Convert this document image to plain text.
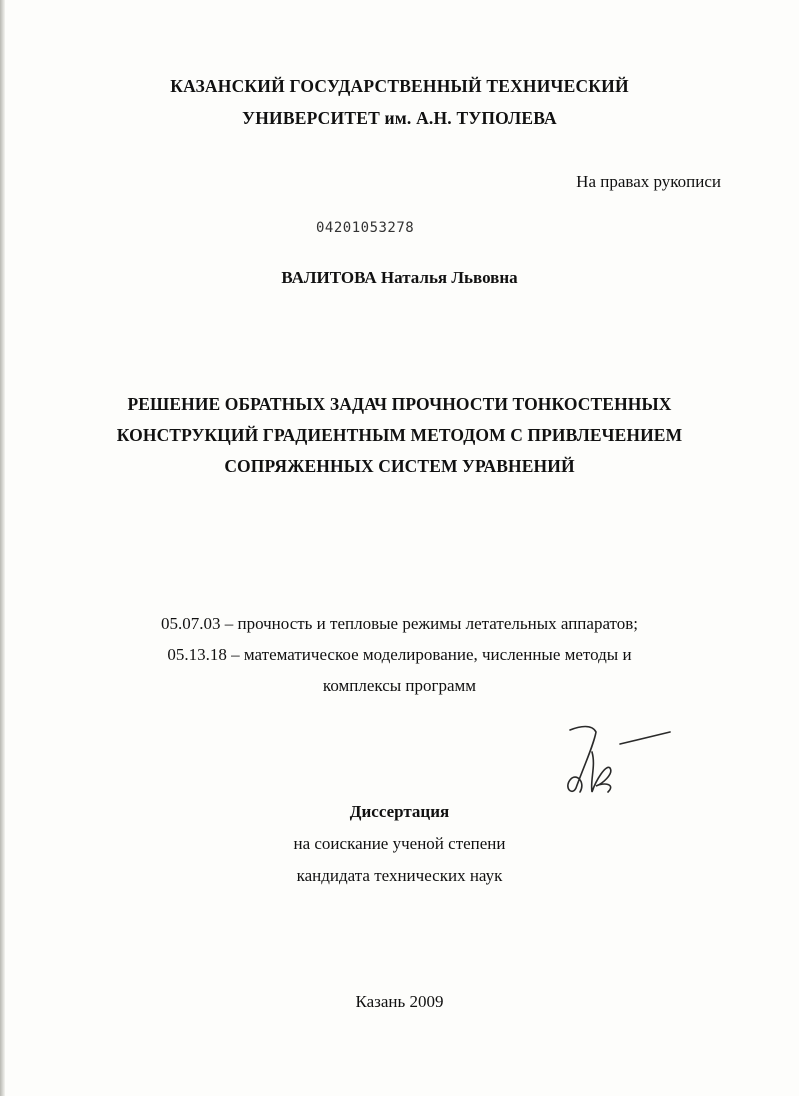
КАЗАНСКИЙ ГОСУДАРСТВЕННЫЙ ТЕХНИЧЕСКИЙ
УНИВЕРСИТЕТ им. А.Н. ТУПОЛЕВА
На правах рукописи
04201053278
ВАЛИТОВА Наталья Львовна
РЕШЕНИЕ ОБРАТНЫХ ЗАДАЧ ПРОЧНОСТИ ТОНКОСТЕННЫХ
КОНСТРУКЦИЙ ГРАДИЕНТНЫМ МЕТОДОМ С ПРИВЛЕЧЕНИЕМ
СОПРЯЖЕННЫХ СИСТЕМ УРАВНЕНИЙ
05.07.03 – прочность и тепловые режимы летательных аппаратов;
05.13.18 – математическое моделирование, численные методы и
комплексы программ
Диссертация
на соискание ученой степени
кандидата технических наук
Казань 2009
